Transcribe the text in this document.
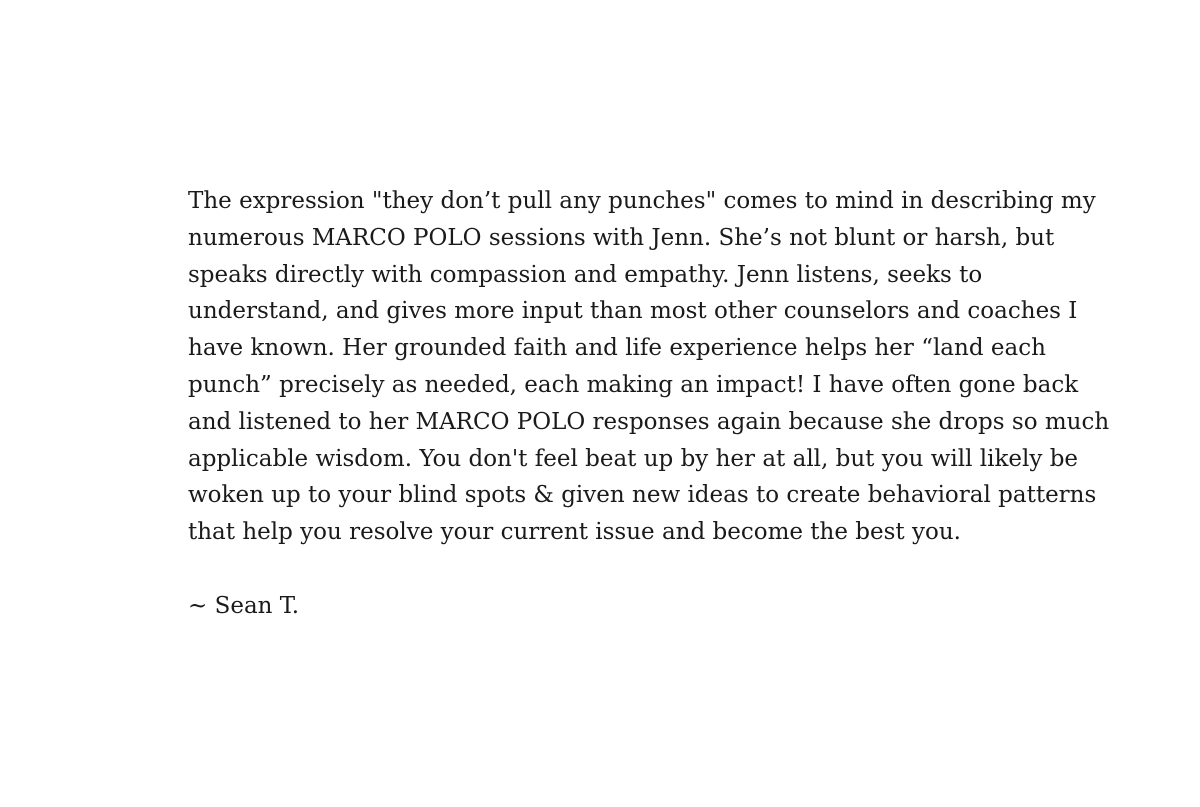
The expression "they don’t pull any punches" comes to mind in describing my
numerous MARCO POLO sessions with Jenn. She’s not blunt or harsh, but
speaks directly with compassion and empathy. Jenn listens, seeks to
understand, and gives more input than most other counselors and coaches I
have known. Her grounded faith and life experience helps her “land each
punch” precisely as needed, each making an impact! I have often gone back
and listened to her MARCO POLO responses again because she drops so much
applicable wisdom. You don't feel beat up by her at all, but you will likely be
woken up to your blind spots & given new ideas to create behavioral patterns
that help you resolve your current issue and become the best you.
~ Sean T.
